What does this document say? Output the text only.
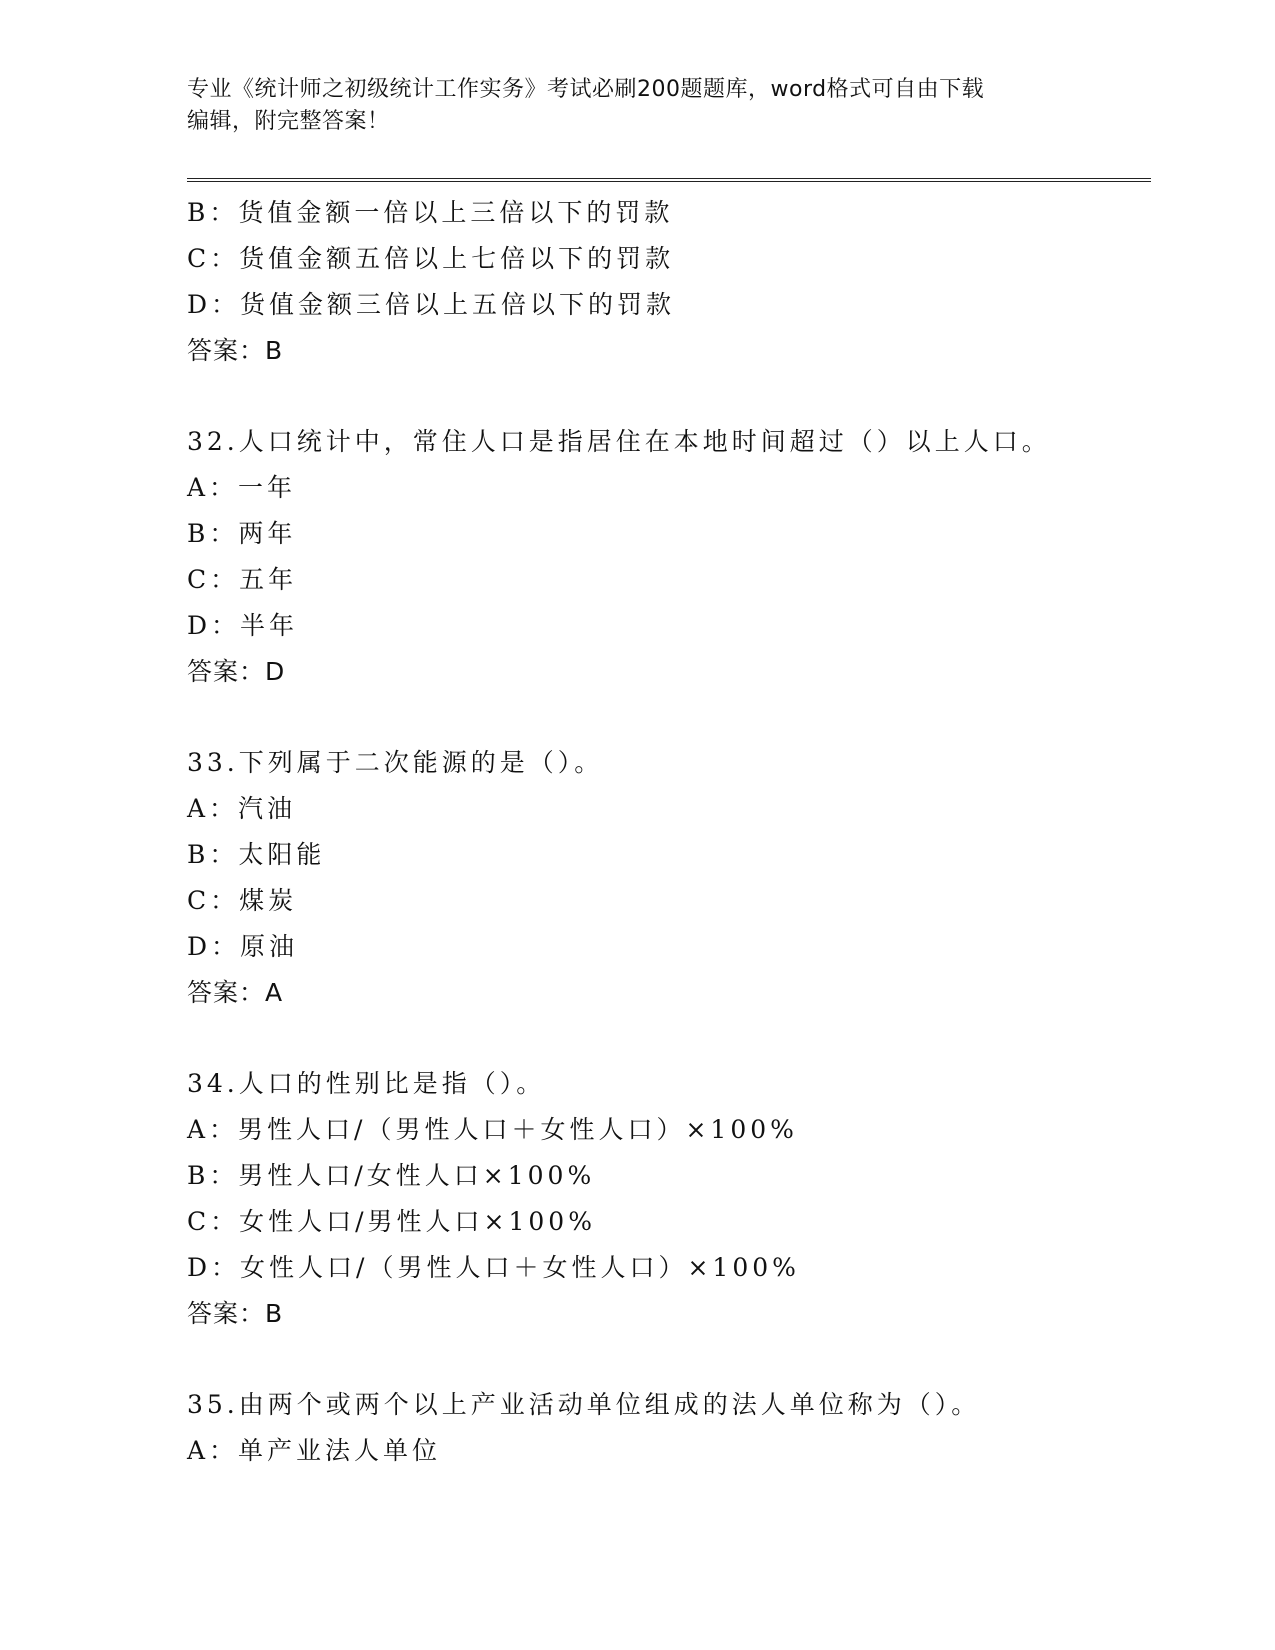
专业《统计师之初级统计工作实务》考试必刷200题题库，word格式可自由下载
编辑，附完整答案！
B：货值金额一倍以上三倍以下的罚款
C：货值金额五倍以上七倍以下的罚款
D：货值金额三倍以上五倍以下的罚款
答案：B
32.人口统计中，常住人口是指居住在本地时间超过（）以上人口。
A：一年
B：两年
C：五年
D：半年
答案：D
33.下列属于二次能源的是（）。
A：汽油
B：太阳能
C：煤炭
D：原油
答案：A
34.人口的性别比是指（）。
A：男性人口/（男性人口＋女性人口）×100%
B：男性人口/女性人口×100%
C：女性人口/男性人口×100%
D：女性人口/（男性人口＋女性人口）×100%
答案：B
35.由两个或两个以上产业活动单位组成的法人单位称为（）。
A：单产业法人单位
